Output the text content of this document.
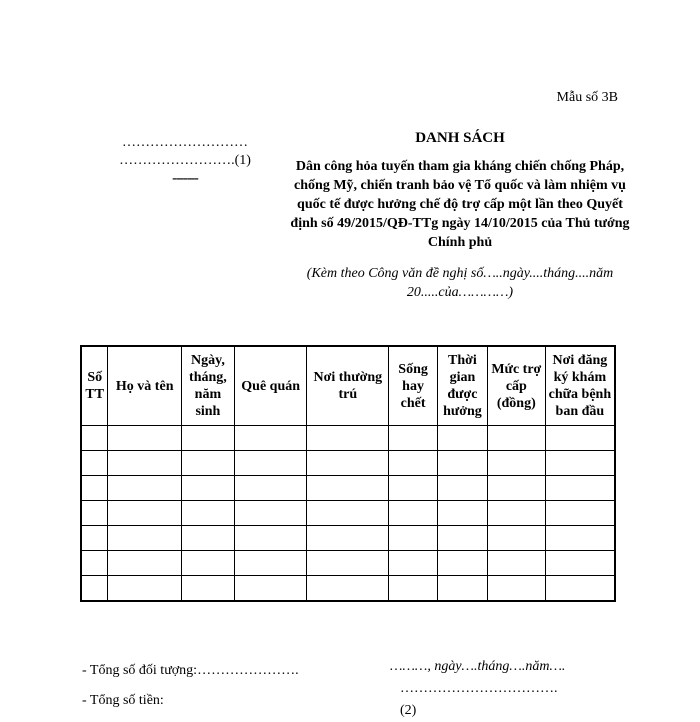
Mẫu số 3B
………………………
…………………….(1)
-------
DANH SÁCH
Dân công hỏa tuyến tham gia kháng chiến chống Pháp, chống Mỹ, chiến tranh bảo vệ Tổ quốc và làm nhiệm vụ quốc tế được hưởng chế độ trợ cấp một lần theo Quyết định số 49/2015/QĐ-TTg ngày 14/10/2015 của Thủ tướng Chính phủ
(Kèm theo Công văn đề nghị số…..ngày....tháng....năm 20.....của…………)
Số TT	Họ và tên	Ngày, tháng, năm sinh	Quê quán	Nơi thường trú	Sống hay chết	Thời gian được hưởng	Mức trợ cấp (đồng)	Nơi đăng ký khám chữa bệnh ban đầu

- Tổng số đối tượng:………………….
- Tổng số tiền:
………, ngày….tháng….năm….
…………………………….
(2)
